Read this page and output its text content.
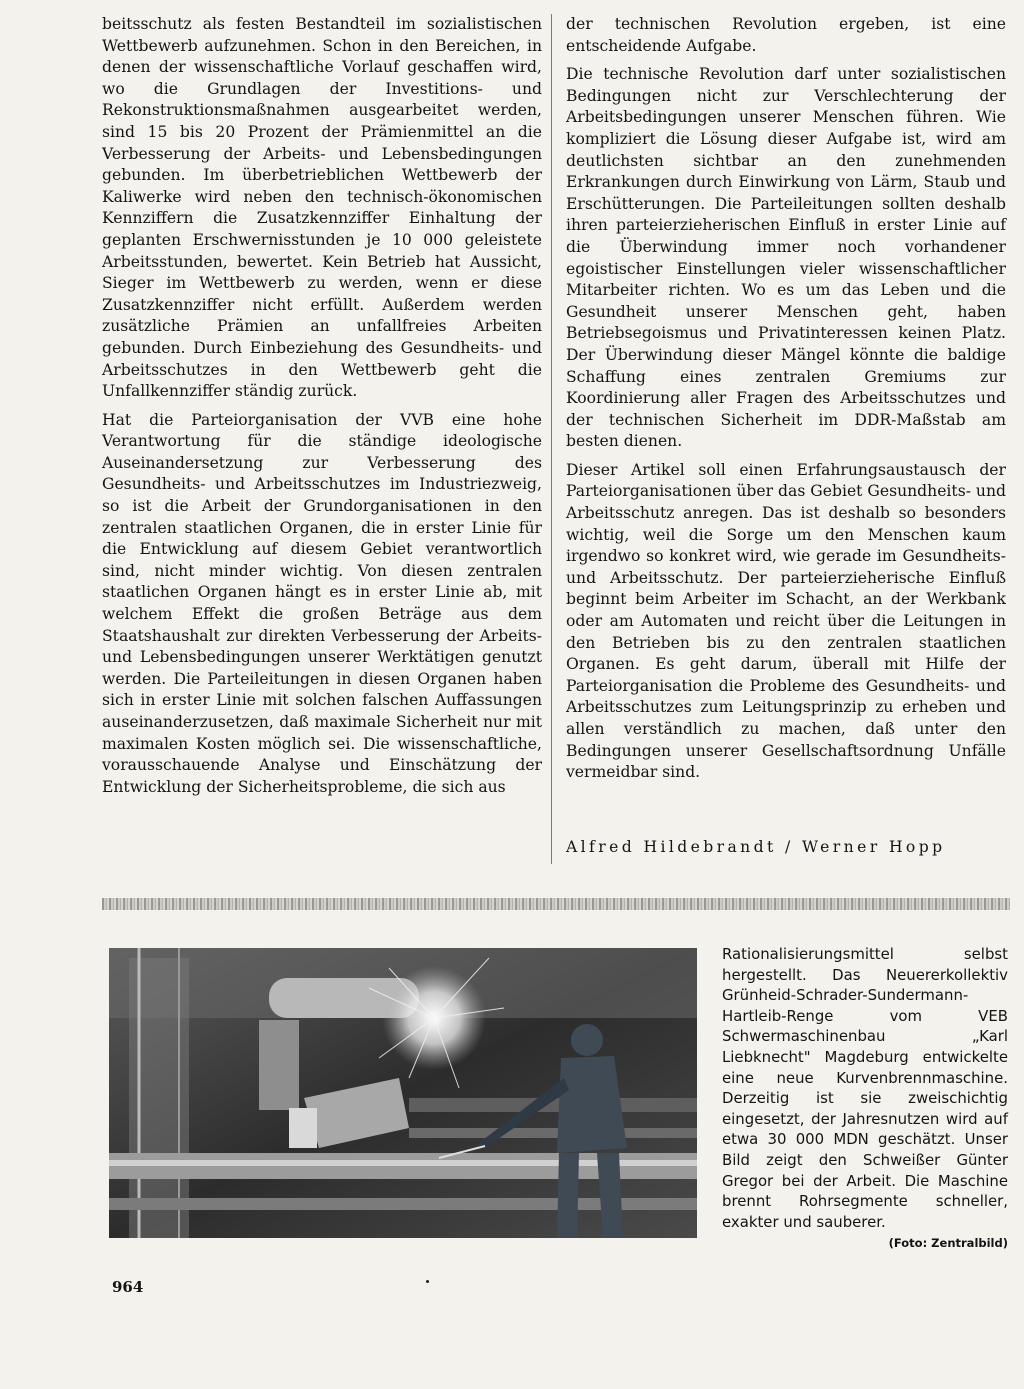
beitsschutz als festen Bestandteil im sozialistischen Wettbewerb aufzunehmen. Schon in den Bereichen, in denen der wissenschaftliche Vorlauf geschaffen wird, wo die Grundlagen der Investitions- und Rekonstruktionsmaßnahmen ausgearbeitet werden, sind 15 bis 20 Prozent der Prämienmittel an die Verbesserung der Arbeits- und Lebensbedingungen gebunden. Im überbetrieblichen Wettbewerb der Kaliwerke wird neben den technisch-ökonomischen Kennziffern die Zusatzkennziffer Einhaltung der geplanten Erschwernisstunden je 10 000 geleistete Arbeitsstunden, bewertet. Kein Betrieb hat Aussicht, Sieger im Wettbewerb zu werden, wenn er diese Zusatzkennziffer nicht erfüllt. Außerdem werden zusätzliche Prämien an unfallfreies Arbeiten gebunden. Durch Einbeziehung des Gesundheits- und Arbeitsschutzes in den Wettbewerb geht die Unfallkennziffer ständig zurück.

Hat die Parteiorganisation der VVB eine hohe Verantwortung für die ständige ideologische Auseinandersetzung zur Verbesserung des Gesundheits- und Arbeitsschutzes im Industriezweig, so ist die Arbeit der Grundorganisationen in den zentralen staatlichen Organen, die in erster Linie für die Entwicklung auf diesem Gebiet verantwortlich sind, nicht minder wichtig. Von diesen zentralen staatlichen Organen hängt es in erster Linie ab, mit welchem Effekt die großen Beträge aus dem Staatshaushalt zur direkten Verbesserung der Arbeits- und Lebensbedingungen unserer Werktätigen genutzt werden. Die Parteileitungen in diesen Organen haben sich in erster Linie mit solchen falschen Auffassungen auseinanderzusetzen, daß maximale Sicherheit nur mit maximalen Kosten möglich sei. Die wissenschaftliche, vorausschauende Analyse und Einschätzung der Entwicklung der Sicherheitsprobleme, die sich aus

der technischen Revolution ergeben, ist eine entscheidende Aufgabe.

Die technische Revolution darf unter sozialistischen Bedingungen nicht zur Verschlechterung der Arbeitsbedingungen unserer Menschen führen. Wie kompliziert die Lösung dieser Aufgabe ist, wird am deutlichsten sichtbar an den zunehmenden Erkrankungen durch Einwirkung von Lärm, Staub und Erschütterungen. Die Parteileitungen sollten deshalb ihren parteierzieherischen Einfluß in erster Linie auf die Überwindung immer noch vorhandener egoistischer Einstellungen vieler wissenschaftlicher Mitarbeiter richten. Wo es um das Leben und die Gesundheit unserer Menschen geht, haben Betriebsegoismus und Privatinteressen keinen Platz. Der Überwindung dieser Mängel könnte die baldige Schaffung eines zentralen Gremiums zur Koordinierung aller Fragen des Arbeitsschutzes und der technischen Sicherheit im DDR-Maßstab am besten dienen.

Dieser Artikel soll einen Erfahrungsaustausch der Parteiorganisationen über das Gebiet Gesundheits- und Arbeitsschutz anregen. Das ist deshalb so besonders wichtig, weil die Sorge um den Menschen kaum irgendwo so konkret wird, wie gerade im Gesundheits- und Arbeitsschutz. Der parteierzieherische Einfluß beginnt beim Arbeiter im Schacht, an der Werkbank oder am Automaten und reicht über die Leitungen in den Betrieben bis zu den zentralen staatlichen Organen. Es geht darum, überall mit Hilfe der Parteiorganisation die Probleme des Gesundheits- und Arbeitsschutzes zum Leitungsprinzip zu erheben und allen verständlich zu machen, daß unter den Bedingungen unserer Gesellschaftsordnung Unfälle vermeidbar sind.

Alfred Hildebrandt / Werner Hopp

Rationalisierungsmittel selbst hergestellt. Das Neuererkollektiv Grünheid-Schrader-Sundermann-Hartleib-Renge vom VEB Schwermaschinenbau „Karl Liebknecht" Magdeburg entwickelte eine neue Kurvenbrennmaschine. Derzeitig ist sie zweischichtig eingesetzt, der Jahresnutzen wird auf etwa 30 000 MDN geschätzt. Unser Bild zeigt den Schweißer Günter Gregor bei der Arbeit. Die Maschine brennt Rohrsegmente schneller, exakter und sauberer.

(Foto: Zentralbild)
964
